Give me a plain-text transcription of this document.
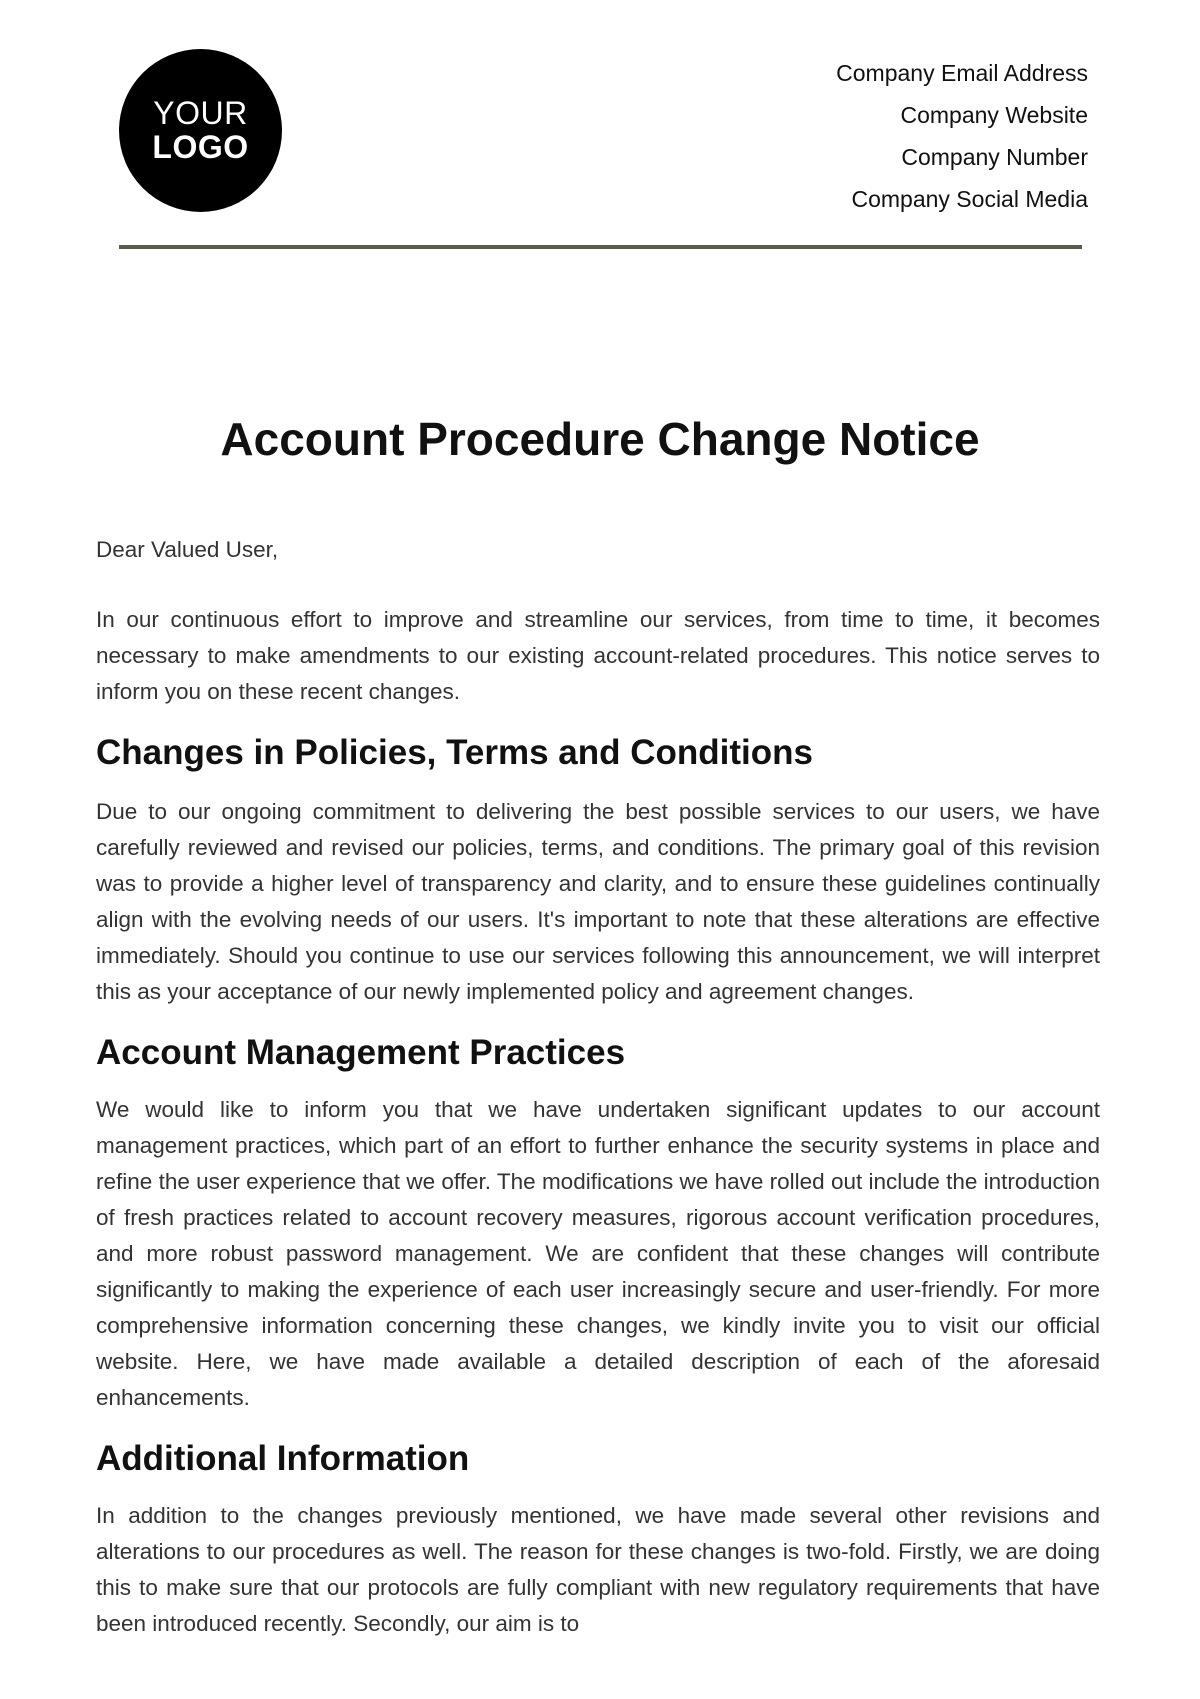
YOUR
LOGO
Company Email Address
Company Website
Company Number
Company Social Media
Account Procedure Change Notice

Dear Valued User,

In our continuous effort to improve and streamline our services, from time to time, it becomes necessary to make amendments to our existing account-related procedures. This notice serves to inform you on these recent changes.

Changes in Policies, Terms and Conditions

Due to our ongoing commitment to delivering the best possible services to our users, we have carefully reviewed and revised our policies, terms, and conditions. The primary goal of this revision was to provide a higher level of transparency and clarity, and to ensure these guidelines continually align with the evolving needs of our users. It's important to note that these alterations are effective immediately. Should you continue to use our services following this announcement, we will interpret this as your acceptance of our newly implemented policy and agreement changes.

Account Management Practices

We would like to inform you that we have undertaken significant updates to our account management practices, which part of an effort to further enhance the security systems in place and refine the user experience that we offer. The modifications we have rolled out include the introduction of fresh practices related to account recovery measures, rigorous account verification procedures, and more robust password management. We are confident that these changes will contribute significantly to making the experience of each user increasingly secure and user-friendly. For more comprehensive information concerning these changes, we kindly invite you to visit our official website. Here, we have made available a detailed description of each of the aforesaid enhancements.

Additional Information

In addition to the changes previously mentioned, we have made several other revisions and alterations to our procedures as well. The reason for these changes is two-fold. Firstly, we are doing this to make sure that our protocols are fully compliant with new regulatory requirements that have been introduced recently. Secondly, our aim is to
